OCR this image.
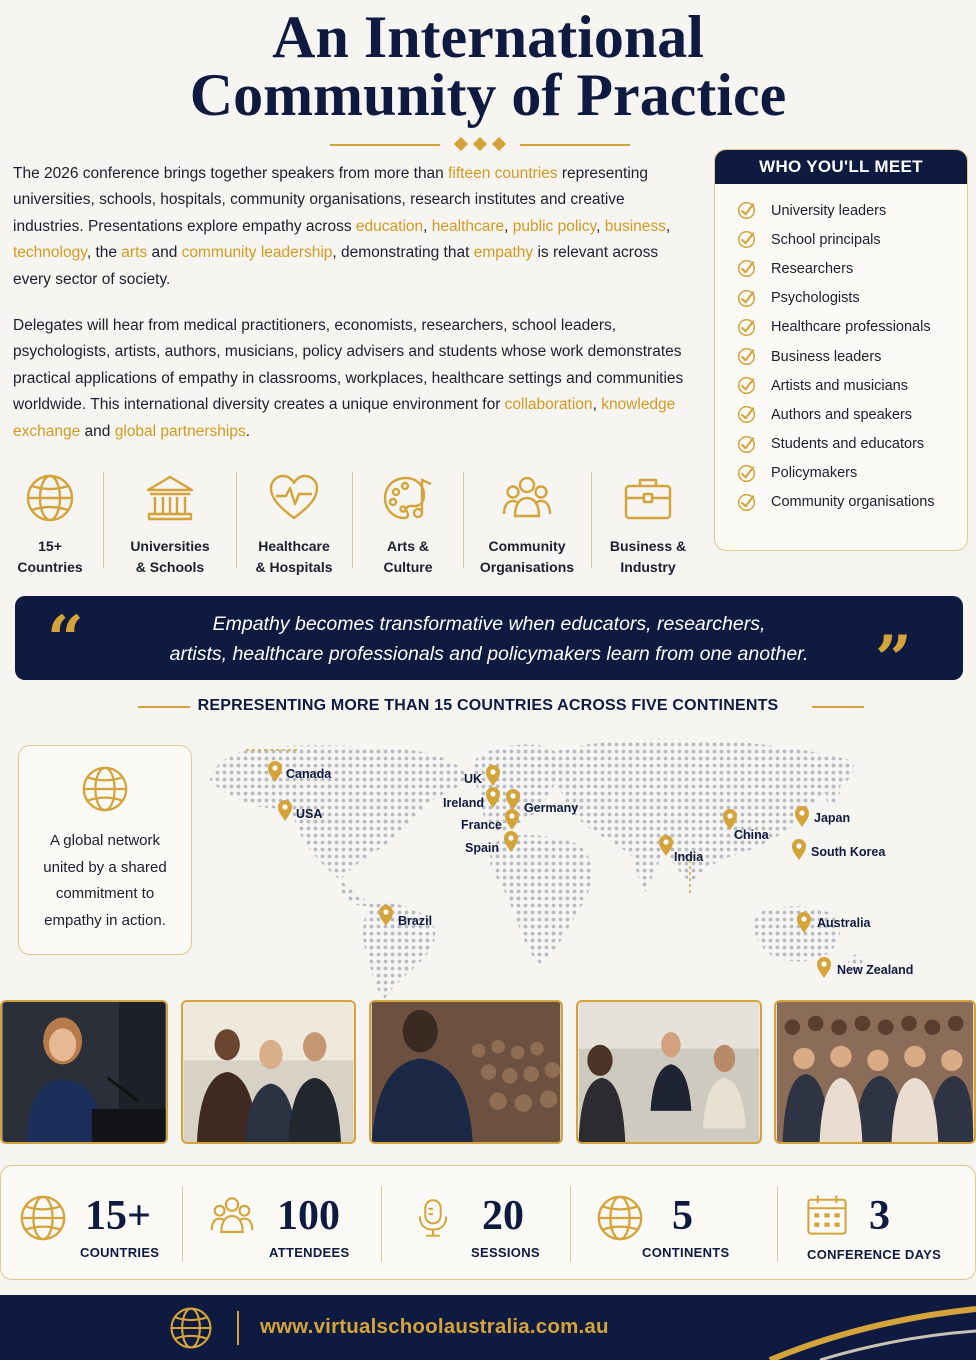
An International
Community of Practice

The 2026 conference brings together speakers from more than fifteen countries representing universities, schools, hospitals, community organisations, research institutes and creative industries. Presentations explore empathy across education, healthcare, public policy, business, technology, the arts and community leadership, demonstrating that empathy is relevant across every sector of society.

Delegates will hear from medical practitioners, economists, researchers, school leaders, psychologists, artists, authors, musicians, policy advisers and students whose work demonstrates practical applications of empathy in classrooms, workplaces, healthcare settings and communities worldwide. This international diversity creates a unique environment for collaboration, knowledge exchange and global partnerships.

WHO YOU'LL MEET
University leaders
School principals
Researchers
Psychologists
Healthcare professionals
Business leaders
Artists and musicians
Authors and speakers
Students and educators
Policymakers
Community organisations
15+
Countries
Universities
& Schools
Healthcare
& Hospitals
Arts &
Culture
Community
Organisations
Business &
Industry
“	Empathy becomes transformative when educators, researchers,
artists, healthcare professionals and policymakers learn from one another.	”
REPRESENTING MORE THAN 15 COUNTRIES ACROSS FIVE CONTINENTS
A global network
united by a shared
commitment to
empathy in action.
Canada
USA
UK
Ireland	Germany
France
Spain
India
China
Japan
South Korea
Brazil	Australia
New Zealand
15+
COUNTRIES
100
ATTENDEES
20
SESSIONS
5
CONTINENTS
3
CONFERENCE DAYS
www.virtualschoolaustralia.com.au
